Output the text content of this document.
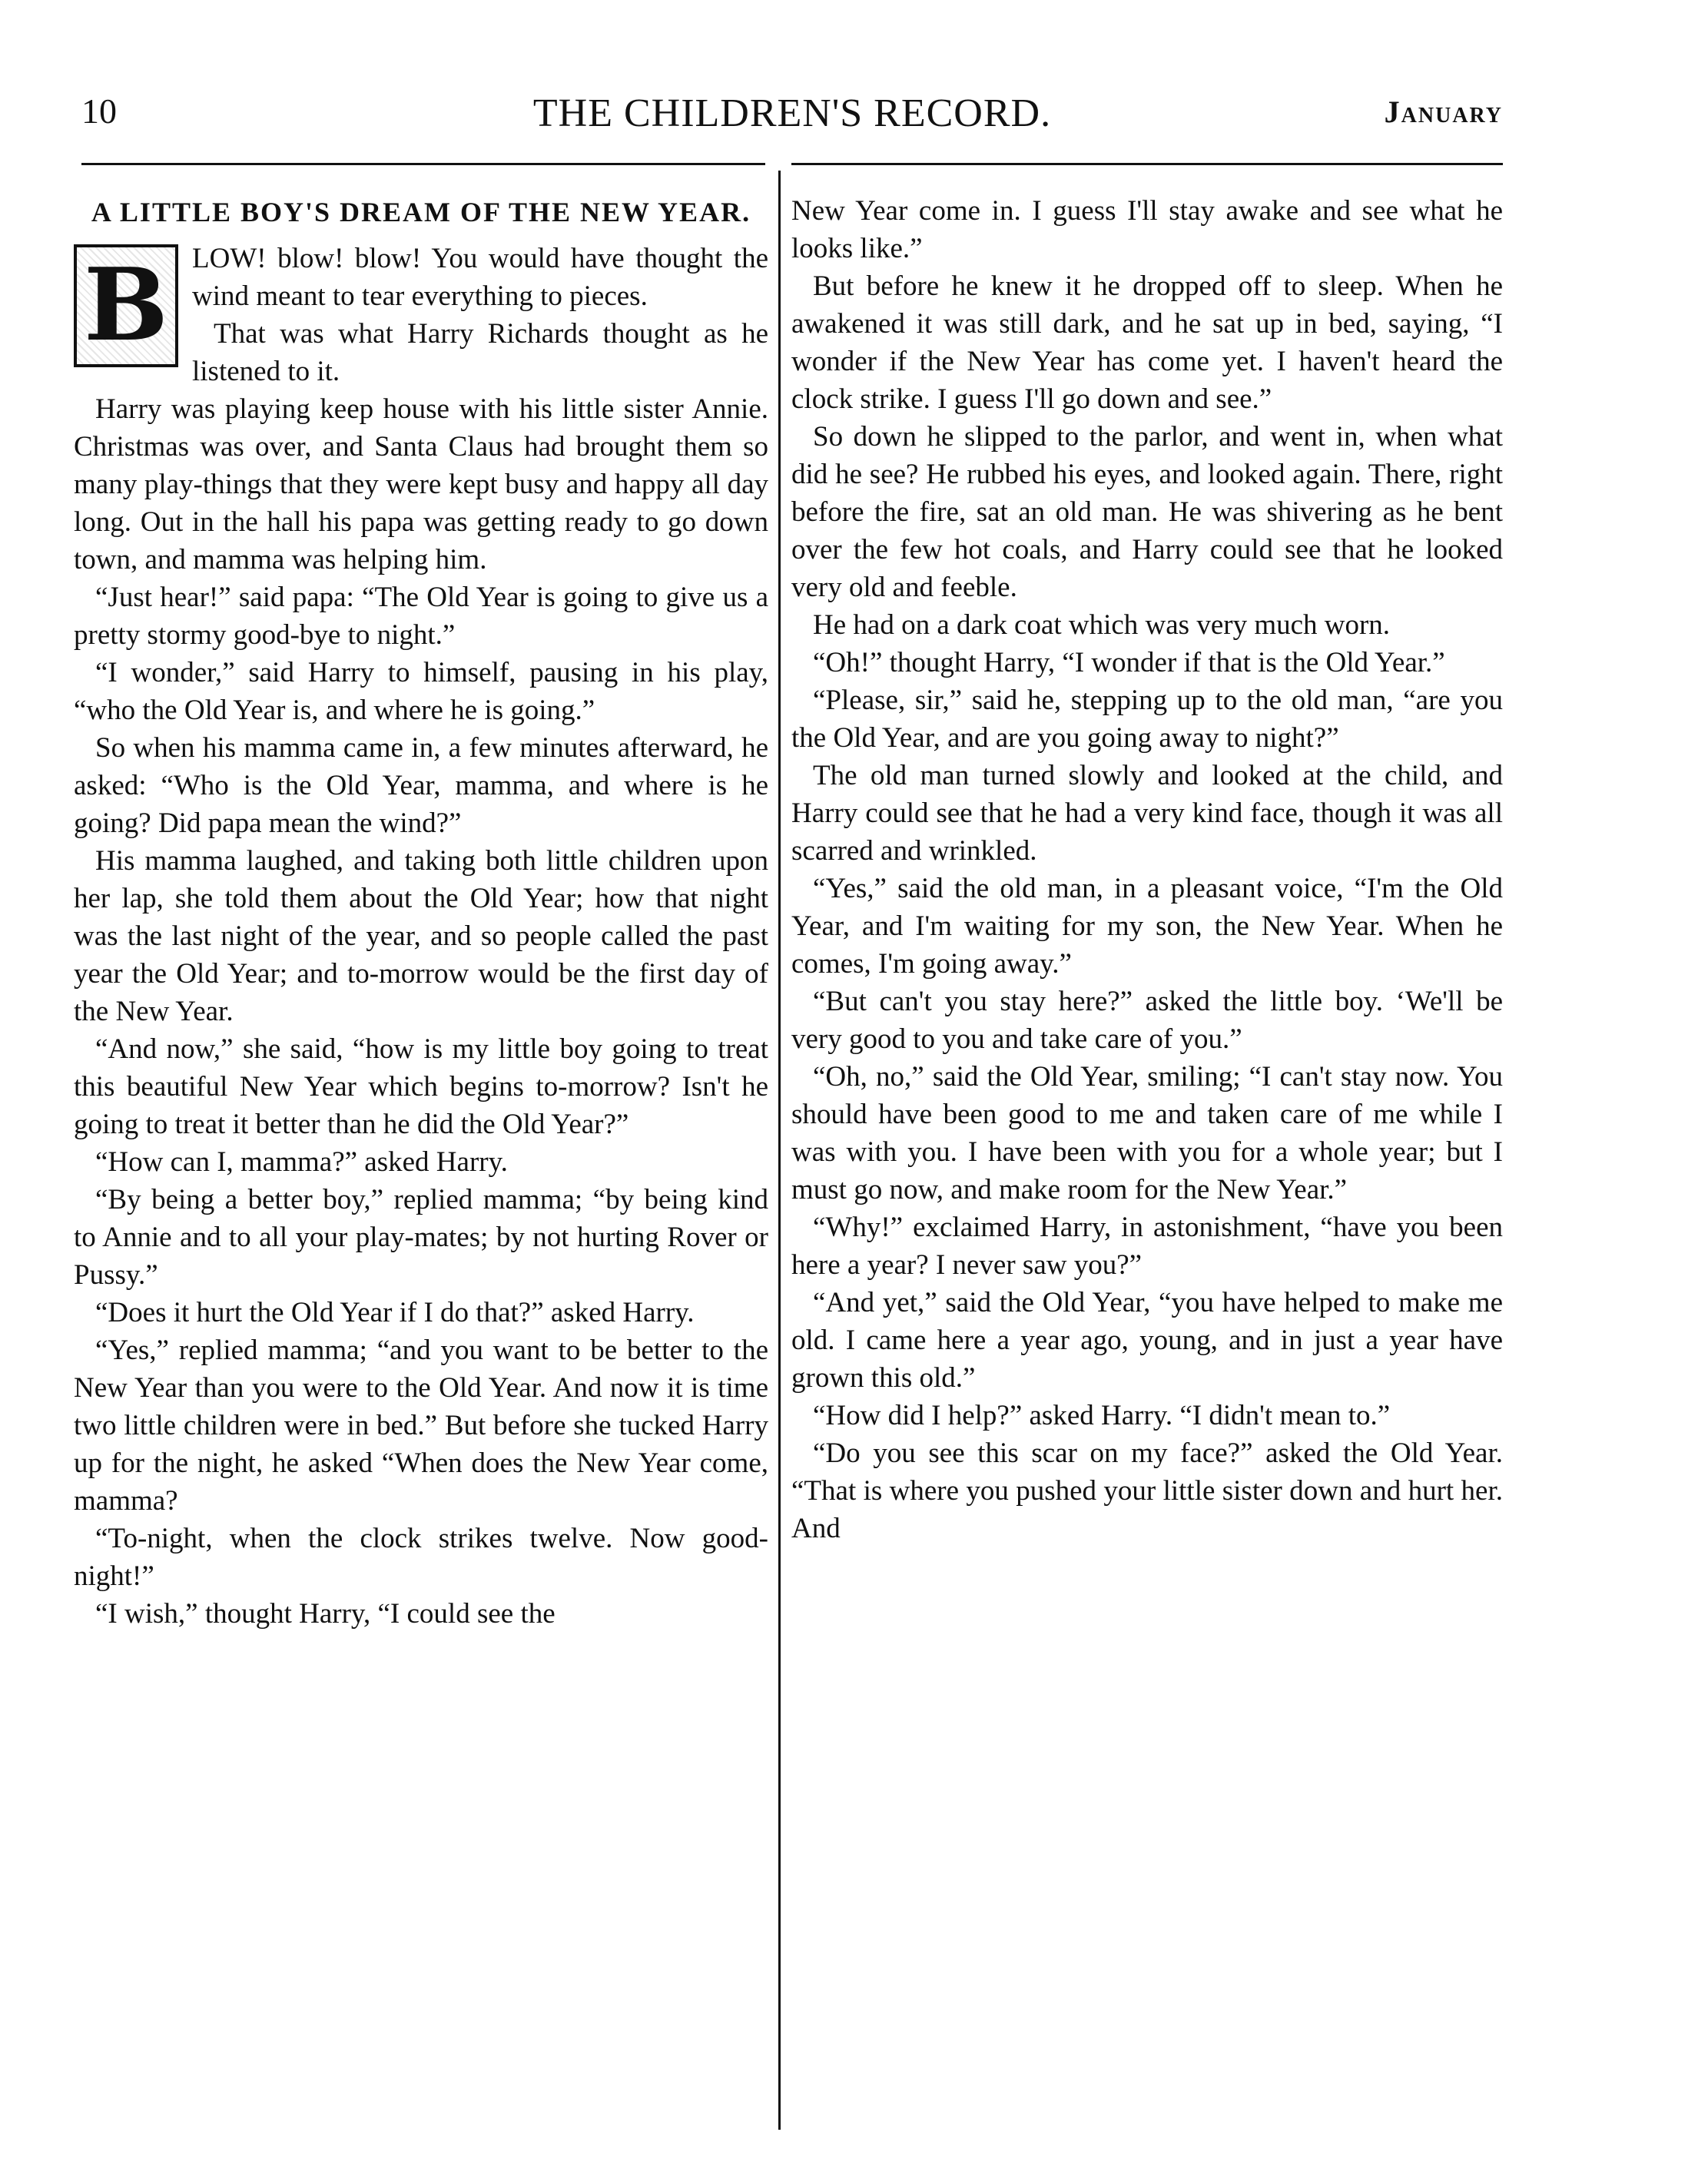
10	THE CHILDREN'S RECORD.	January
A LITTLE BOY'S DREAM OF THE NEW YEAR.
B LOW! blow! blow! You would have thought the wind meant to tear everything to pieces.

That was what Harry Richards thought as he listened to it.

Harry was playing keep house with his little sister Annie. Christmas was over, and Santa Claus had brought them so many play-things that they were kept busy and happy all day long. Out in the hall his papa was getting ready to go down town, and mamma was helping him.

“Just hear!” said papa: “The Old Year is going to give us a pretty stormy good-bye to night.”

“I wonder,” said Harry to himself, pausing in his play, “who the Old Year is, and where he is going.”

So when his mamma came in, a few minutes afterward, he asked: “Who is the Old Year, mamma, and where is he going? Did papa mean the wind?”

His mamma laughed, and taking both little children upon her lap, she told them about the Old Year; how that night was the last night of the year, and so people called the past year the Old Year; and to-morrow would be the first day of the New Year.

“And now,” she said, “how is my little boy going to treat this beautiful New Year which begins to-morrow? Isn't he going to treat it better than he did the Old Year?”

“How can I, mamma?” asked Harry.

“By being a better boy,” replied mamma; “by being kind to Annie and to all your play-mates; by not hurting Rover or Pussy.”

“Does it hurt the Old Year if I do that?” asked Harry.

“Yes,” replied mamma; “and you want to be better to the New Year than you were to the Old Year. And now it is time two little children were in bed.” But before she tucked Harry up for the night, he asked “When does the New Year come, mamma?

“To-night, when the clock strikes twelve. Now good-night!”

“I wish,” thought Harry, “I could see the

New Year come in. I guess I'll stay awake and see what he looks like.”

But before he knew it he dropped off to sleep. When he awakened it was still dark, and he sat up in bed, saying, “I wonder if the New Year has come yet. I haven't heard the clock strike. I guess I'll go down and see.”

So down he slipped to the parlor, and went in, when what did he see? He rubbed his eyes, and looked again. There, right before the fire, sat an old man. He was shivering as he bent over the few hot coals, and Harry could see that he looked very old and feeble.

He had on a dark coat which was very much worn.

“Oh!” thought Harry, “I wonder if that is the Old Year.”

“Please, sir,” said he, stepping up to the old man, “are you the Old Year, and are you going away to night?”

The old man turned slowly and looked at the child, and Harry could see that he had a very kind face, though it was all scarred and wrinkled.

“Yes,” said the old man, in a pleasant voice, “I'm the Old Year, and I'm waiting for my son, the New Year. When he comes, I'm going away.”

“But can't you stay here?” asked the little boy. ‘We'll be very good to you and take care of you.”

“Oh, no,” said the Old Year, smiling; “I can't stay now. You should have been good to me and taken care of me while I was with you. I have been with you for a whole year; but I must go now, and make room for the New Year.”

“Why!” exclaimed Harry, in astonishment, “have you been here a year? I never saw you?”

“And yet,” said the Old Year, “you have helped to make me old. I came here a year ago, young, and in just a year have grown this old.”

“How did I help?” asked Harry. “I didn't mean to.”

“Do you see this scar on my face?” asked the Old Year. “That is where you pushed your little sister down and hurt her. And
